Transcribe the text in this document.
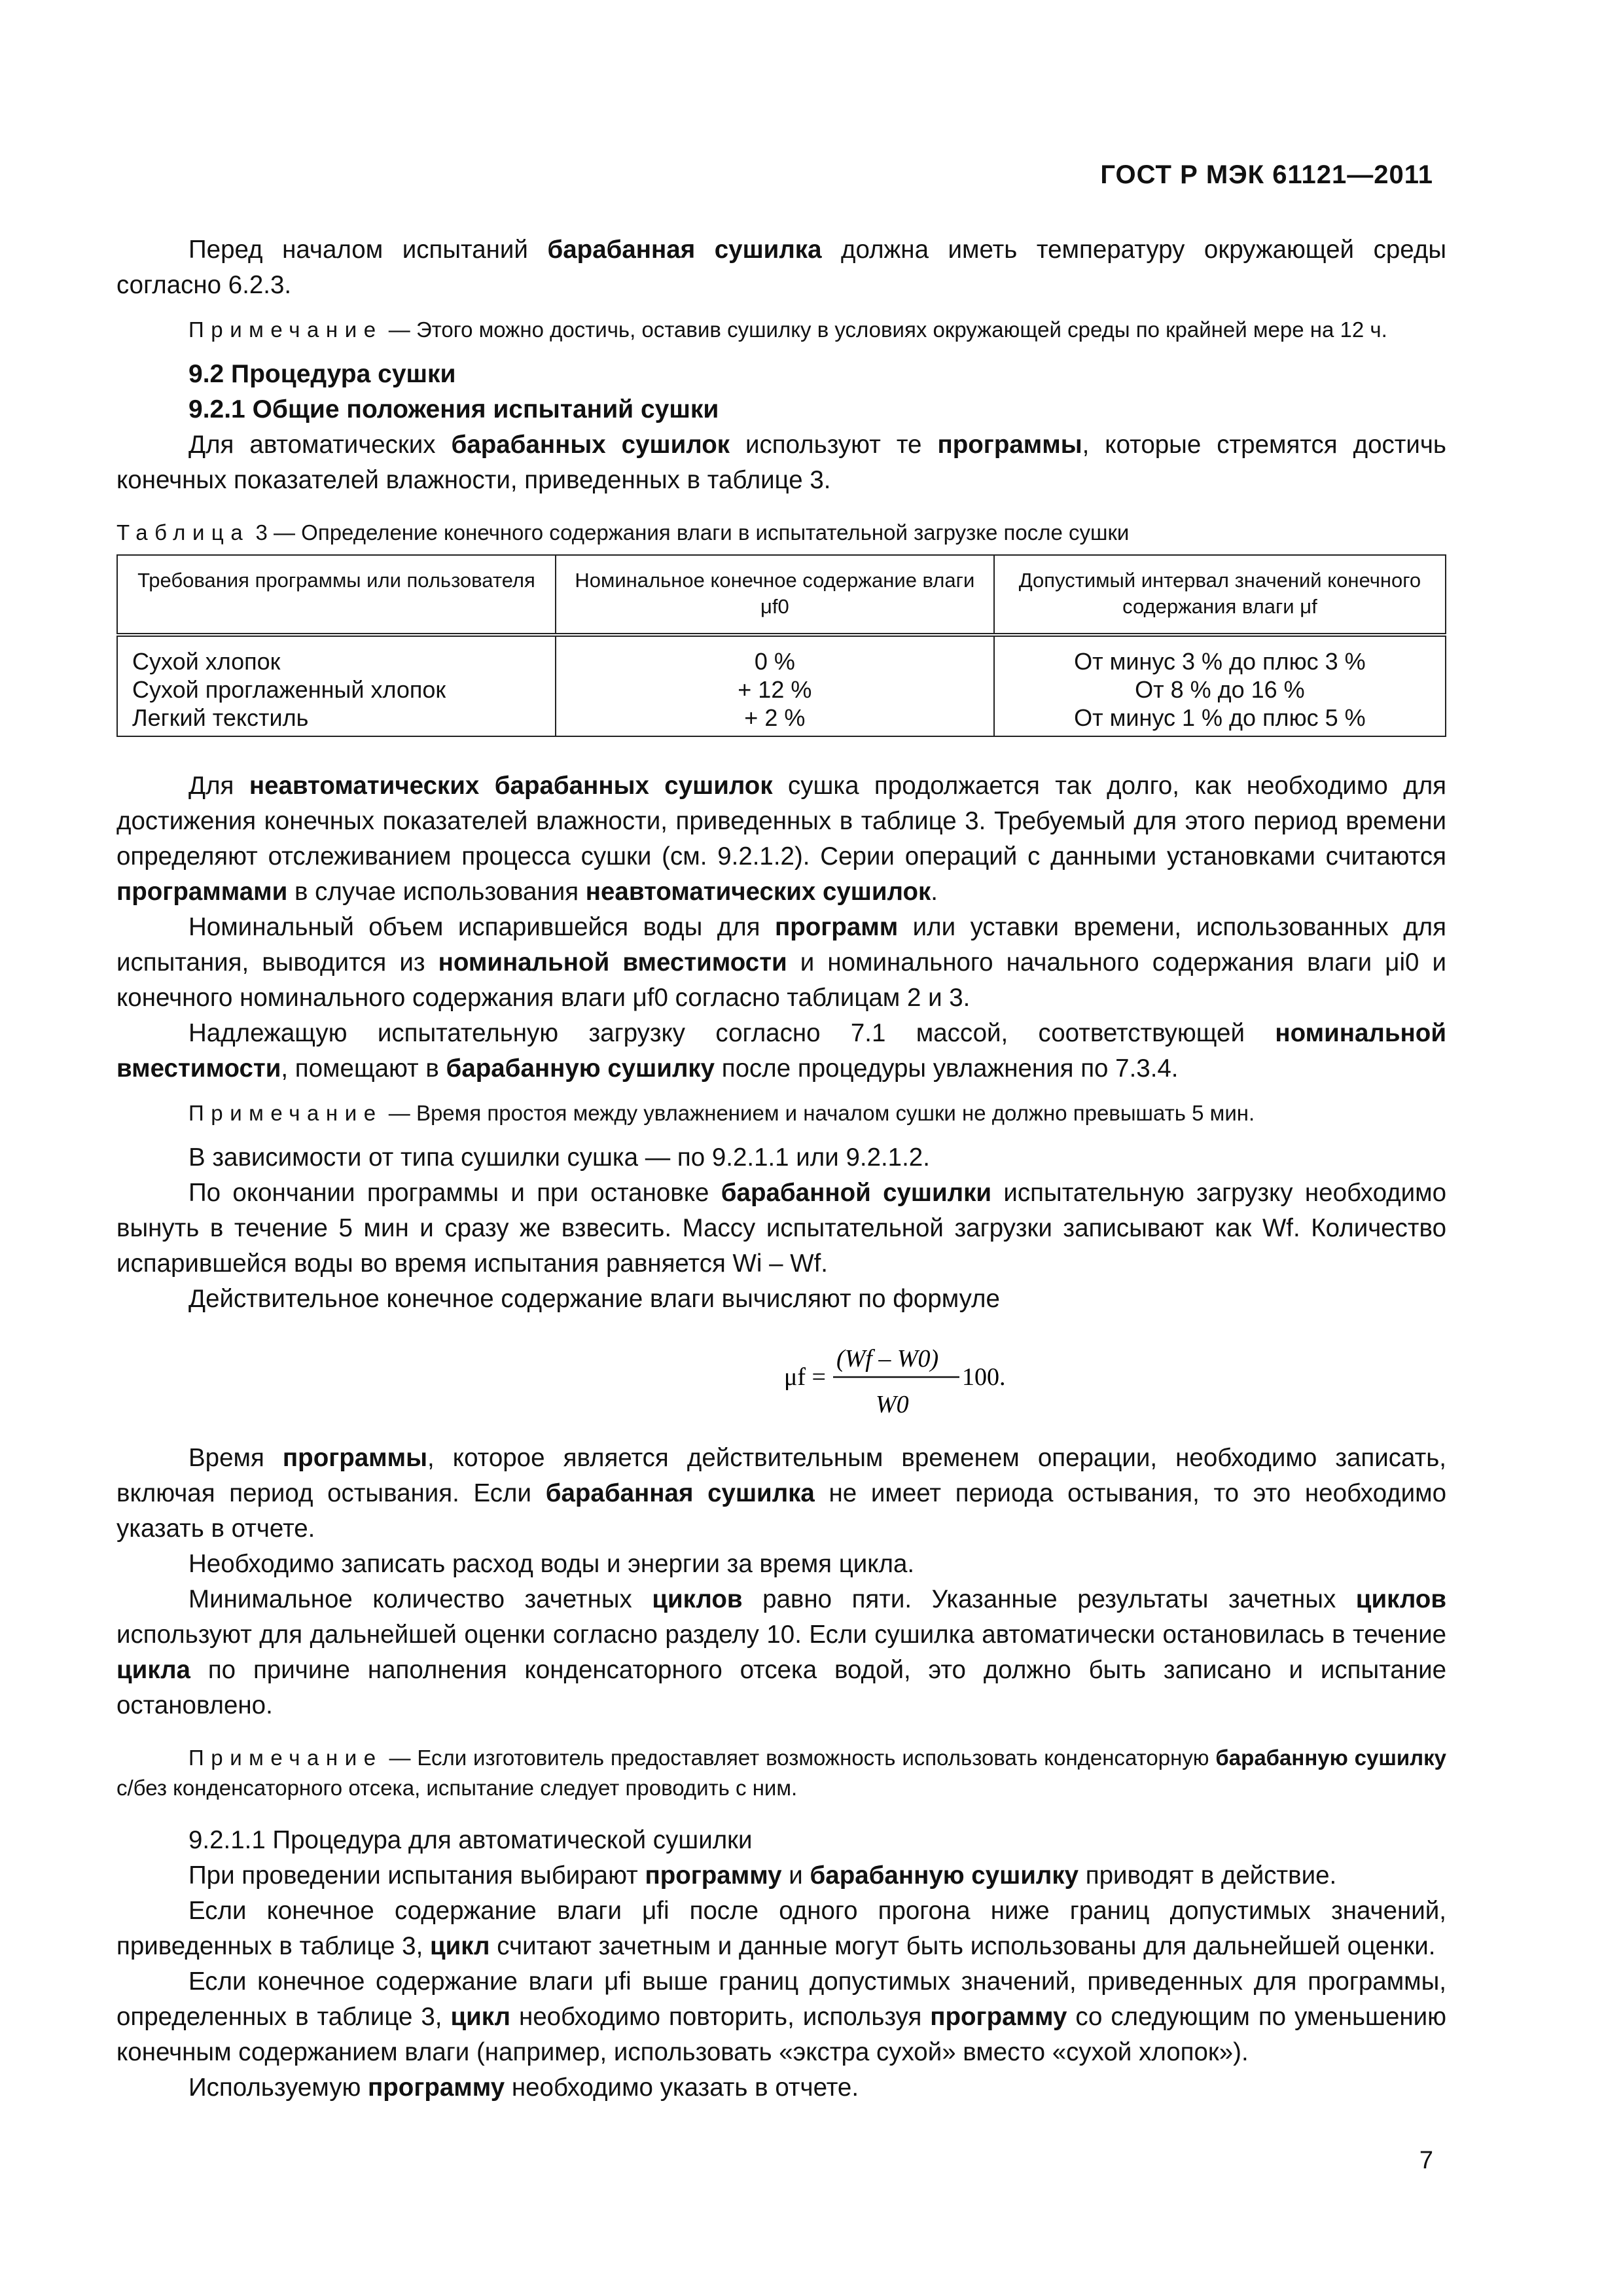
ГОСТ Р МЭК 61121—2011

Перед началом испытаний барабанная сушилка должна иметь температуру окружающей среды согласно 6.2.3.

Примечание — Этого можно достичь, оставив сушилку в условиях окружающей среды по крайней мере на 12 ч.

9.2 Процедура сушки
9.2.1 Общие положения испытаний сушки

Для автоматических барабанных сушилок используют те программы, которые стремятся достичь конечных показателей влажности, приведенных в таблице 3.

Таблица 3 — Определение конечного содержания влаги в испытательной загрузке после сушки
Требования программы или пользователя	Номинальное конечное содержание влаги μf0	Допустимый интервал значений конечного содержания влаги μf
Сухой хлопок	0 %	От минус 3 % до плюс 3 %
Сухой проглаженный хлопок	+ 12 %	От 8 % до 16 %
Легкий текстиль	+ 2 %	От минус 1 % до плюс 5 %

Для неавтоматических барабанных сушилок сушка продолжается так долго, как необходимо для достижения конечных показателей влажности, приведенных в таблице 3. Требуемый для этого период времени определяют отслеживанием процесса сушки (см. 9.2.1.2). Серии операций с данными установками считаются программами в случае использования неавтоматических сушилок.

Номинальный объем испарившейся воды для программ или уставки времени, использованных для испытания, выводится из номинальной вместимости и номинального начального содержания влаги μi0 и конечного номинального содержания влаги μf0 согласно таблицам 2 и 3.

Надлежащую испытательную загрузку согласно 7.1 массой, соответствующей номинальной вместимости, помещают в барабанную сушилку после процедуры увлажнения по 7.3.4.

Примечание — Время простоя между увлажнением и началом сушки не должно превышать 5 мин.

В зависимости от типа сушилки сушка — по 9.2.1.1 или 9.2.1.2.

По окончании программы и при остановке барабанной сушилки испытательную загрузку необходимо вынуть в течение 5 мин и сразу же взвесить. Массу испытательной загрузки записывают как Wf. Количество испарившейся воды во время испытания равняется Wi – Wf.

Действительное конечное содержание влаги вычисляют по формуле

μf =
(Wf – W0)
W0
100.

Время программы, которое является действительным временем операции, необходимо записать, включая период остывания. Если барабанная сушилка не имеет периода остывания, то это необходимо указать в отчете.

Необходимо записать расход воды и энергии за время цикла.

Минимальное количество зачетных циклов равно пяти. Указанные результаты зачетных циклов используют для дальнейшей оценки согласно разделу 10. Если сушилка автоматически остановилась в течение цикла по причине наполнения конденсаторного отсека водой, это должно быть записано и испытание остановлено.

Примечание — Если изготовитель предоставляет возможность использовать конденсаторную барабанную сушилку с/без конденсаторного отсека, испытание следует проводить с ним.

9.2.1.1 Процедура для автоматической сушилки

При проведении испытания выбирают программу и барабанную сушилку приводят в действие.

Если конечное содержание влаги μfi после одного прогона ниже границ допустимых значений, приведенных в таблице 3, цикл считают зачетным и данные могут быть использованы для дальнейшей оценки.

Если конечное содержание влаги μfi выше границ допустимых значений, приведенных для программы, определенных в таблице 3, цикл необходимо повторить, используя программу со следующим по уменьшению конечным содержанием влаги (например, использовать «экстра сухой» вместо «сухой хлопок»).

Используемую программу необходимо указать в отчете.

7
